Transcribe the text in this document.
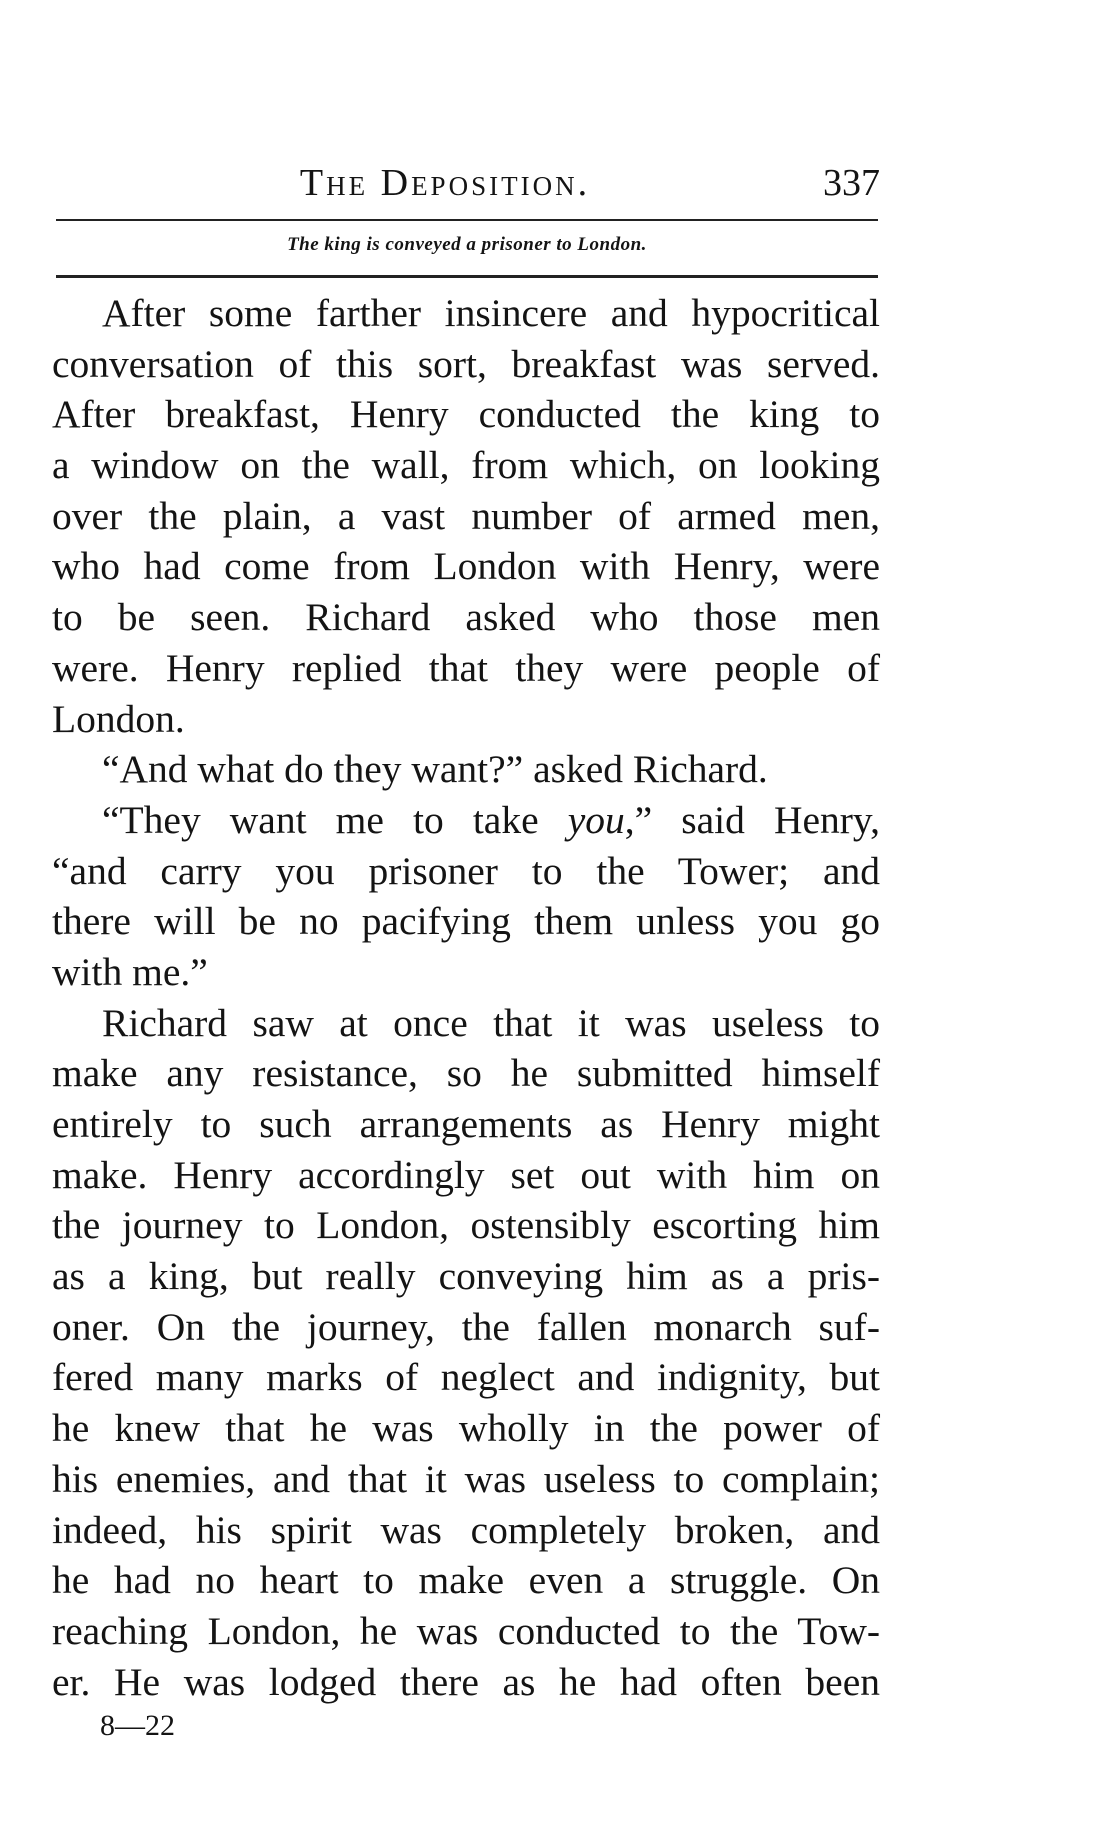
The Deposition.	337
The king is conveyed a prisoner to London.
After some farther insincere and hypocritical
conversation of this sort, breakfast was served.
After breakfast, Henry conducted the king to
a window on the wall, from which, on looking
over the plain, a vast number of armed men,
who had come from London with Henry, were
to be seen. Richard asked who those men
were. Henry replied that they were people of
London.
“And what do they want?” asked Richard.
“They want me to take you,” said Henry,
“and carry you prisoner to the Tower; and
there will be no pacifying them unless you go
with me.”
Richard saw at once that it was useless to
make any resistance, so he submitted himself
entirely to such arrangements as Henry might
make. Henry accordingly set out with him on
the journey to London, ostensibly escorting him
as a king, but really conveying him as a pris-
oner. On the journey, the fallen monarch suf-
fered many marks of neglect and indignity, but
he knew that he was wholly in the power of
his enemies, and that it was useless to complain;
indeed, his spirit was completely broken, and
he had no heart to make even a struggle. On
reaching London, he was conducted to the Tow-
er. He was lodged there as he had often been
8—22
